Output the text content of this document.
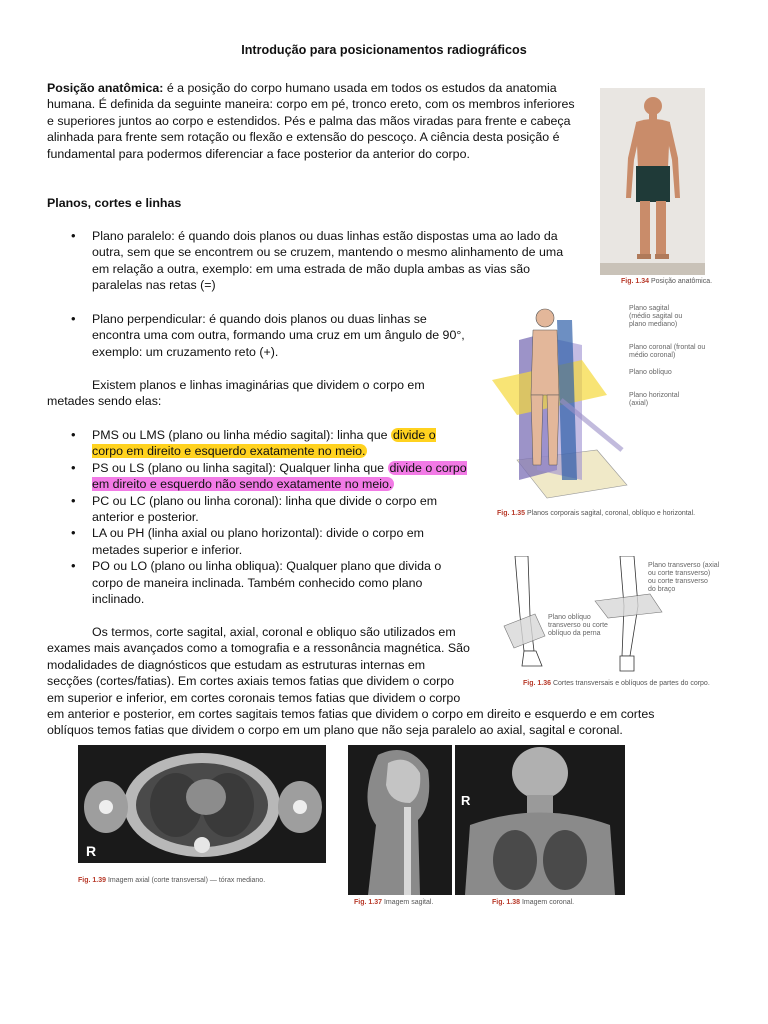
Introdução para posicionamentos radiográficos

Posição anatômica: é a posição do corpo humano usada em todos os estudos da anatomia humana. É definida da seguinte maneira: corpo em pé, tronco ereto, com os membros inferiores e superiores juntos ao corpo e estendidos. Pés e palma das mãos viradas para frente e cabeça alinhada para frente sem rotação ou flexão e extensão do pescoço. A ciência desta posição é fundamental para podermos diferenciar a face posterior da anterior do corpo.

Planos, cortes e linhas
• Plano paralelo: é quando dois planos ou duas linhas estão dispostas uma ao lado da outra, sem que se encontrem ou se cruzem, mantendo o mesmo alinhamento de uma em relação a outra, exemplo: em uma estrada de mão dupla ambas as vias são paralelas nas retas (=)
• Plano perpendicular: é quando dois planos ou duas linhas se encontra uma com outra, formando uma cruz em um ângulo de 90°, exemplo: um cruzamento reto (+).

Existem planos e linhas imaginárias que dividem o corpo em metades sendo elas:

• PMS ou LMS (plano ou linha médio sagital): linha que divide o corpo em direito e esquerdo exatamente no meio.
• PS ou LS (plano ou linha sagital): Qualquer linha que divide o corpo em direito e esquerdo não sendo exatamente no meio.
• PC ou LC (plano ou linha coronal): linha que divide o corpo em anterior e posterior.
• LA ou PH (linha axial ou plano horizontal): divide o corpo em metades superior e inferior.
• PO ou LO (plano ou linha obliqua): Qualquer plano que divida o corpo de maneira inclinada. Também conhecido como plano inclinado.
Os termos, corte sagital, axial, coronal e obliquo são utilizados em
exames mais avançados como a tomografia e a ressonância magnética. São
modalidades de diagnósticos que estudam as estruturas internas em
secções (cortes/fatias). Em cortes axiais temos fatias que dividem o corpo
em superior e inferior, em cortes coronais temos fatias que dividem o corpo
em anterior e posterior, em cortes sagitais temos fatias que dividem o corpo em direito e esquerdo e em cortes
oblíquos temos fatias que dividem o corpo em um plano que não seja paralelo ao axial, sagital e coronal.
Fig. 1.34 Posição anatômica.
Plano sagital
(médio sagital ou
plano mediano)
Plano coronal (frontal ou
médio coronal)
Plano oblíquo
Plano horizontal
(axial)
Fig. 1.35 Planos corporais sagital, coronal, oblíquo e horizontal.
Plano transverso (axial
ou corte transverso)
ou corte transverso
do braço
Plano oblíquo
transverso ou corte
oblíquo da perna
Fig. 1.36 Cortes transversais e oblíquos de partes do corpo.
R
Fig. 1.39 Imagem axial (corte transversal) — tórax mediano.
Fig. 1.37 Imagem sagital.
R
Fig. 1.38 Imagem coronal.
